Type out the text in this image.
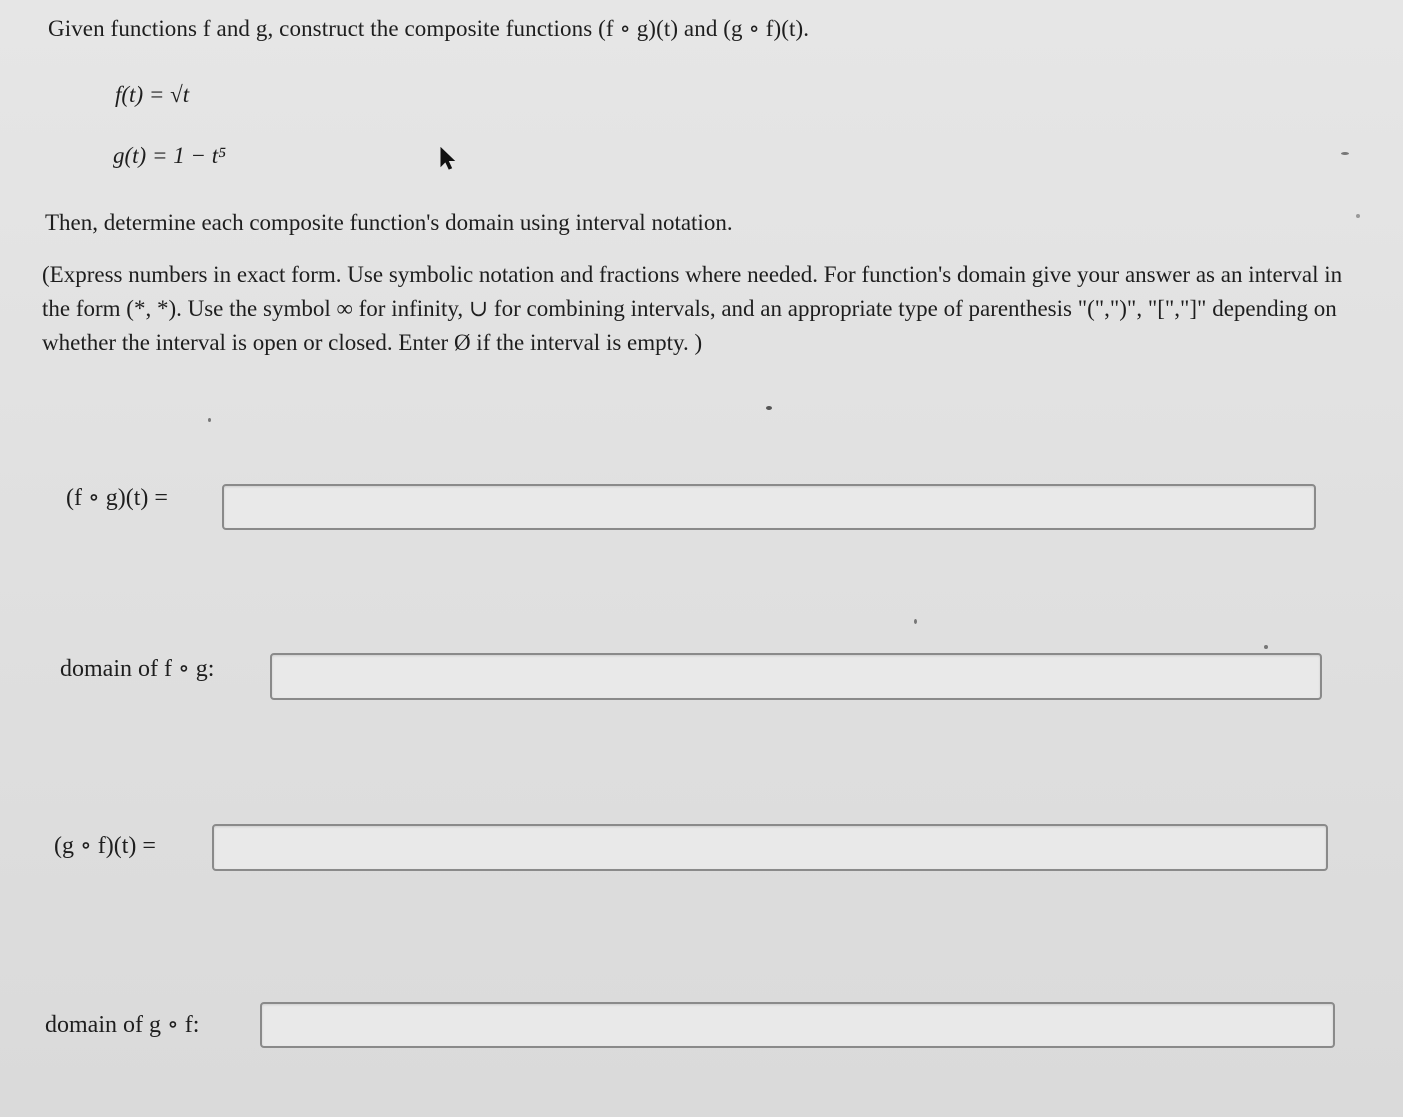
Given functions f and g, construct the composite functions (f ∘ g)(t) and (g ∘ f)(t).
f(t) = √t
g(t) = 1 − t⁵
Then, determine each composite function's domain using interval notation.
(Express numbers in exact form. Use symbolic notation and fractions where needed. For function's domain give your answer as an interval in the form (*, *). Use the symbol ∞ for infinity, ∪ for combining intervals, and an appropriate type of parenthesis "(",")", "[","]" depending on whether the interval is open or closed. Enter Ø if the interval is empty. )
(f ∘ g)(t) =
domain of f ∘ g:
(g ∘ f)(t) =
domain of g ∘ f:
